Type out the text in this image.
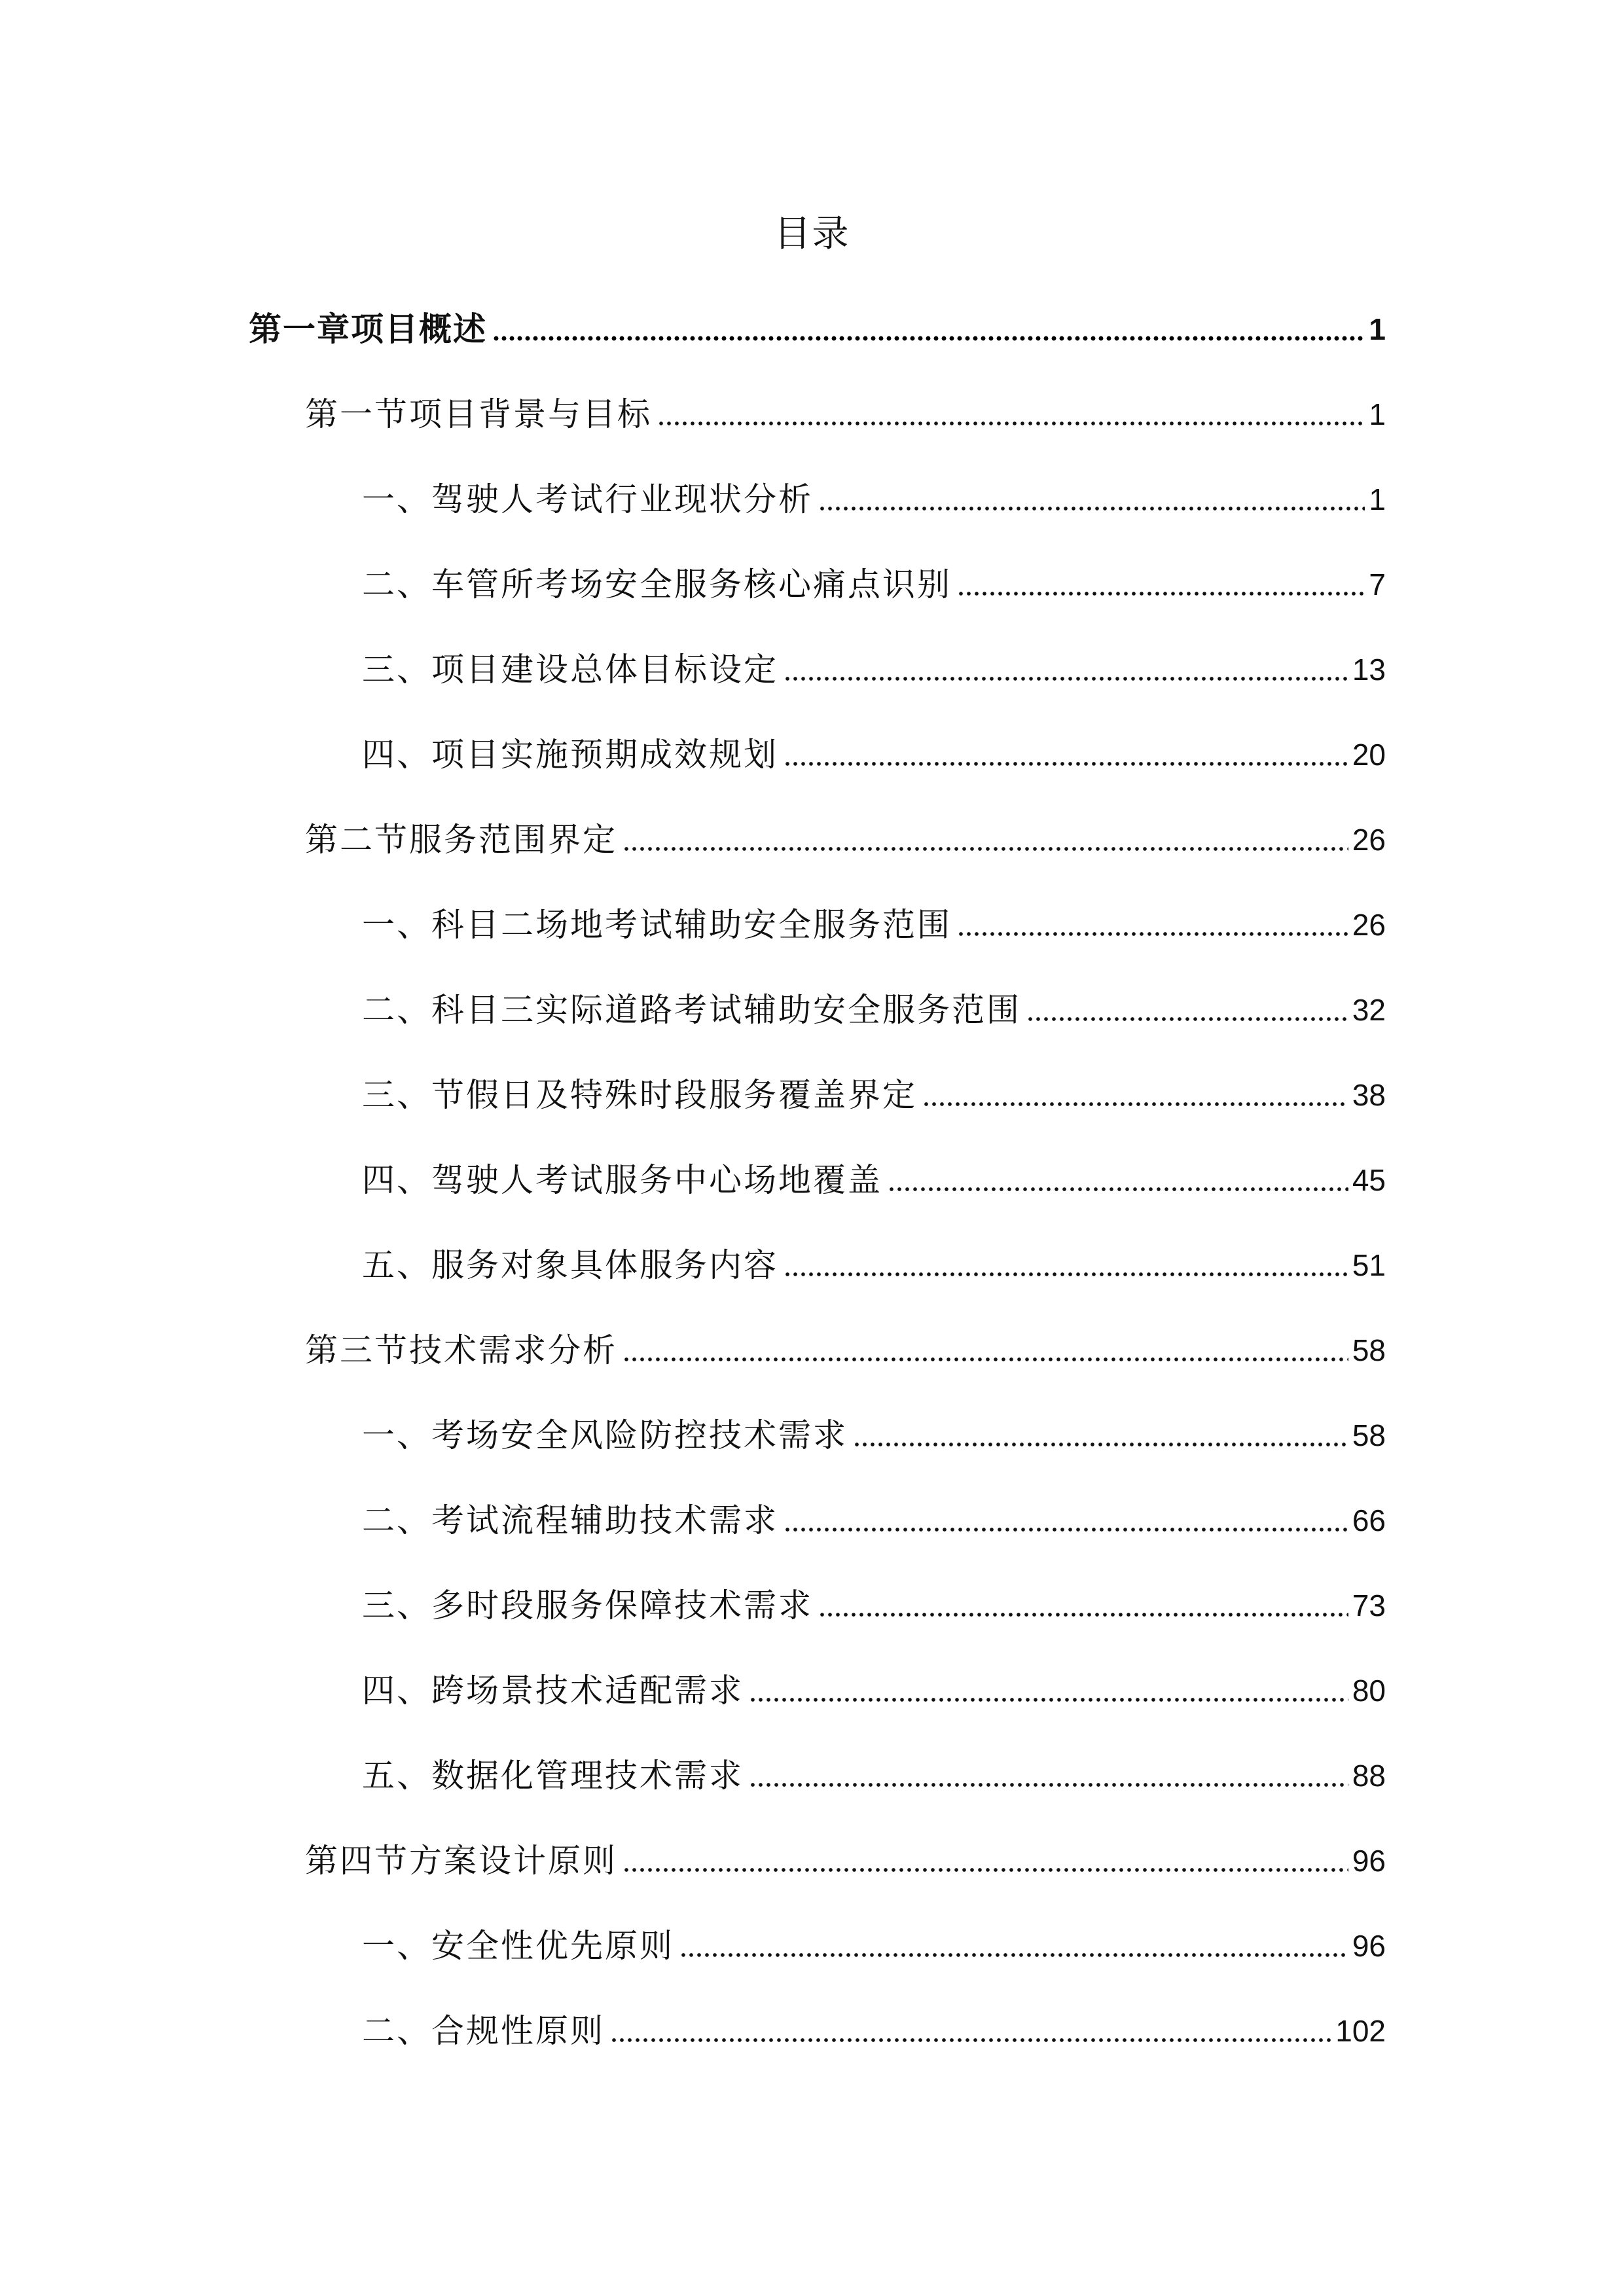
目录
第一章项目概述	1
第一节项目背景与目标	1
一、驾驶人考试行业现状分析	1
二、车管所考场安全服务核心痛点识别	7
三、项目建设总体目标设定	13
四、项目实施预期成效规划	20
第二节服务范围界定	26
一、科目二场地考试辅助安全服务范围	26
二、科目三实际道路考试辅助安全服务范围	32
三、节假日及特殊时段服务覆盖界定	38
四、驾驶人考试服务中心场地覆盖	45
五、服务对象具体服务内容	51
第三节技术需求分析	58
一、考场安全风险防控技术需求	58
二、考试流程辅助技术需求	66
三、多时段服务保障技术需求	73
四、跨场景技术适配需求	80
五、数据化管理技术需求	88
第四节方案设计原则	96
一、安全性优先原则	96
二、合规性原则	102
